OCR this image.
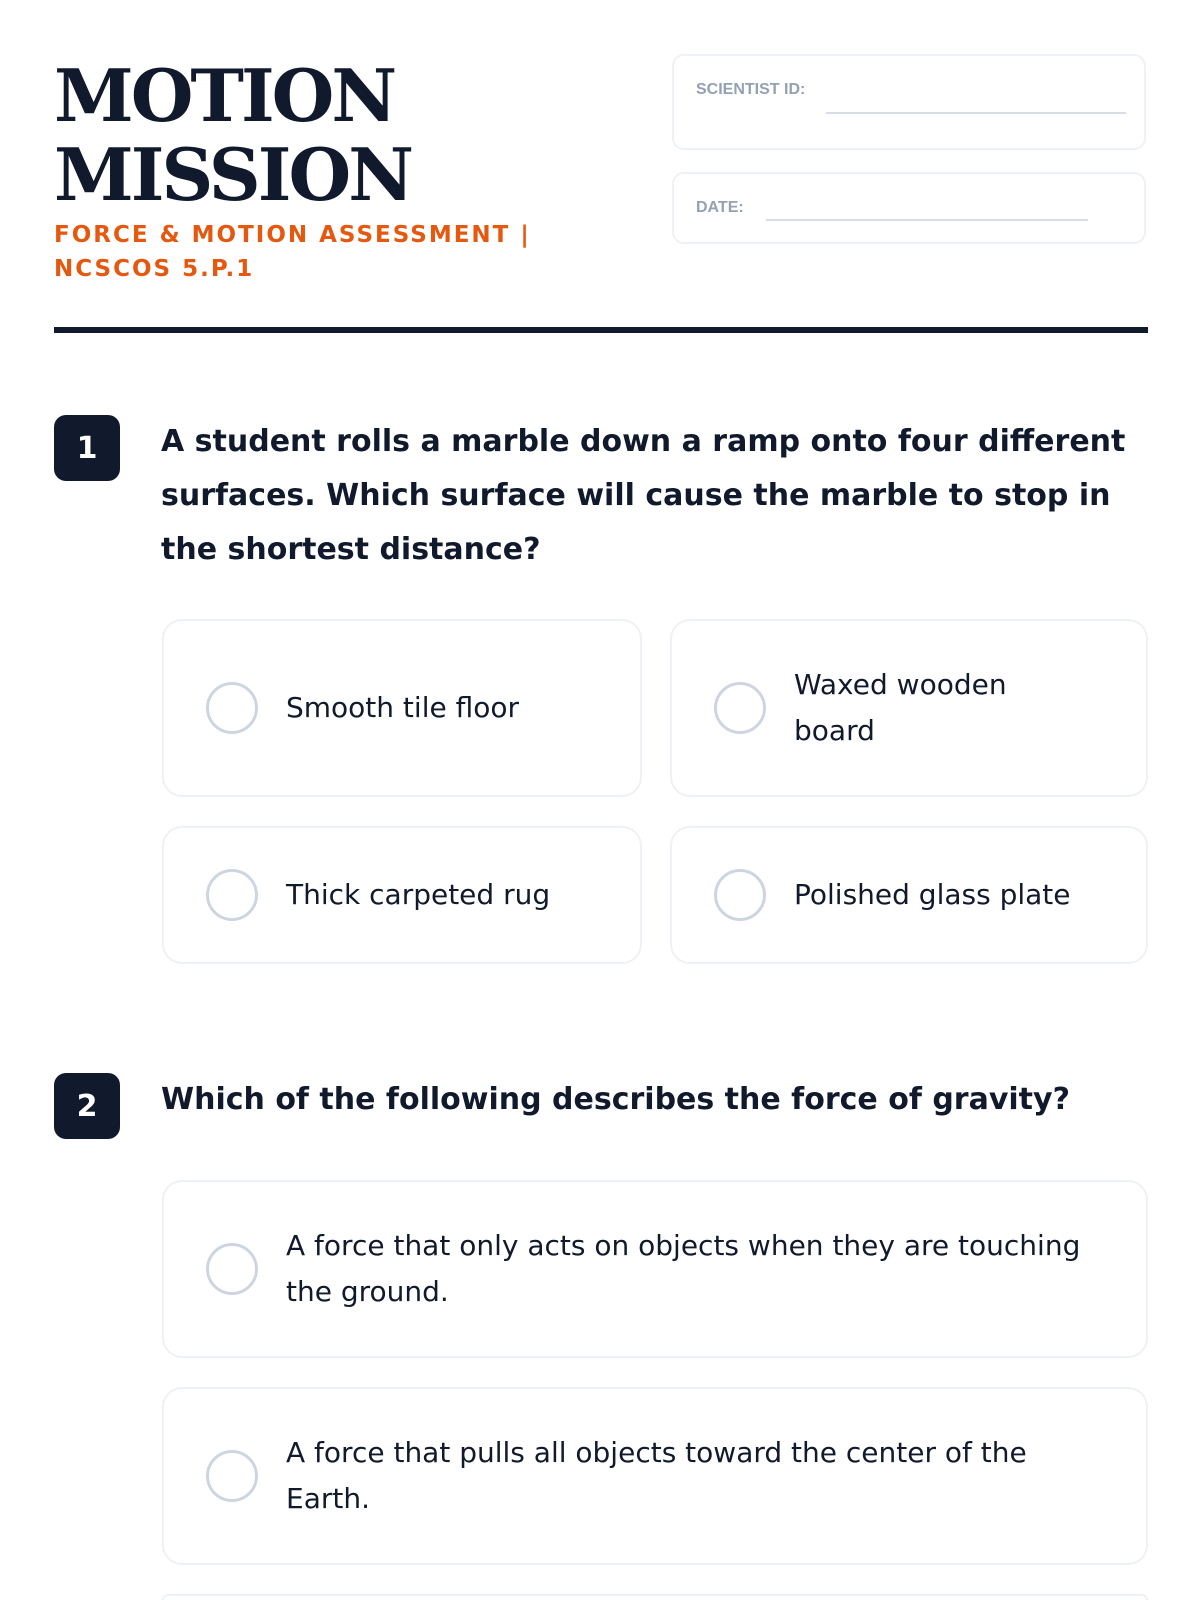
MOTION
MISSION
FORCE & MOTION ASSESSMENT | NCSCOS 5.P.1
SCIENTIST ID:
DATE:
1	A student rolls a marble down a ramp onto four different surfaces. Which surface will cause the marble to stop in the shortest distance?
Smooth tile floor
Waxed wooden board
Thick carpeted rug	Polished glass plate
2	Which of the following describes the force of gravity?
A force that only acts on objects when they are touching the ground.
A force that pulls all objects toward the center of the Earth.
